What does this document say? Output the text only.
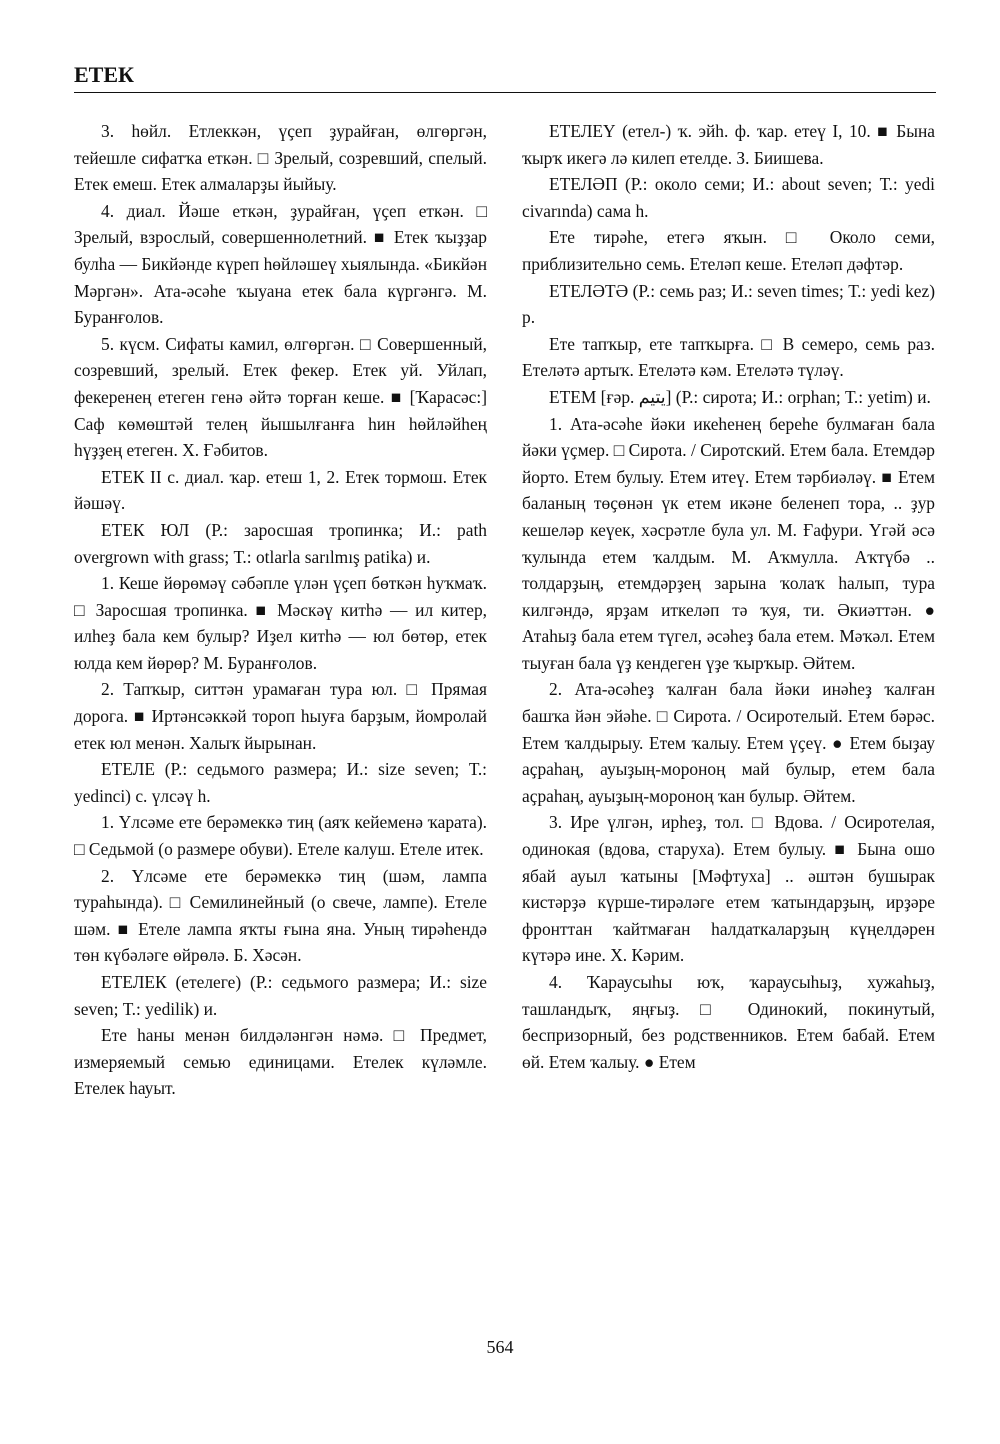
ЕТЕК

3. һөйл. Етлеккән, үҫеп ҙурайған, өлгөргән, тейешле сифатҡа еткән. □ Зрелый, созревший, спелый. Етек емеш. Етек алмаларҙы йыйыу.

4. диал. Йәше еткән, ҙурайған, үҫеп еткән. □ Зрелый, взрослый, совершеннолетний. ■ Етек ҡыҙҙар булһа — Бикйәнде күреп һөйләшеү хыялында. «Бикйән Мәргән». Ата-әсәһе ҡыуана етек бала күргәнгә. М. Буранғолов.

5. күсм. Сифаты камил, өлгөргән. □ Совершенный, созревший, зрелый. Етек фекер. Етек уй. Уйлап, фекеренең етеген генә әйтә торған кеше. ■ [Ҡарасәс:] Саф көмөштәй телең йышылғанға һин һөйләйһең һүҙҙең етеген. Х. Ғәбитов.

ЕТЕК II с. диал. ҡар. етеш 1, 2. Етек тормош. Етек йәшәү.

ЕТЕК ЮЛ (Р.: заросшая тропинка; И.: path overgrown with grass; Т.: otlarla sarılmış patika) и.

1. Кеше йөрөмәү сәбәпле үлән үҫеп бөткән һуҡмаҡ. □ Заросшая тропинка. ■ Мәскәү китһә — ил китер, илһеҙ бала кем булыр? Иҙел китһә — юл бөтөр, етек юлда кем йөрөр? М. Буранғолов.

2. Тапҡыр, ситтән урамаған тура юл. □ Прямая дорога. ■ Иртәнсәккәй тороп һыуға барҙым, йомролай етек юл менән. Халыҡ йырынан.

ЕТЕЛЕ (Р.: седьмого размера; И.: size seven; Т.: yedinci) с. үлсәү һ.

1. Үлсәме ете берәмеккә тиң (аяҡ кейеменә ҡарата). □ Седьмой (о размере обуви). Етеле калуш. Етеле итек.

2. Үлсәме ете берәмеккә тиң (шәм, лампа тураһында). □ Семилинейный (о свече, лампе). Етеле шәм. ■ Етеле лампа яҡты ғына яна. Уның тирәһендә төн күбәләге өйрөлә. Б. Хәсән.

ЕТЕЛЕК (етелеге) (Р.: седьмого размера; И.: size seven; Т.: yedilik) и.

Ете һаны менән билдәләнгән нәмә. □ Предмет, измеряемый семью единицами. Етелек күләмле. Етелек һауыт.

ЕТЕЛЕҮ (етел-) ҡ. эйһ. ф. ҡар. етеү I, 10. ■ Бына ҡырҡ икегә лә килеп етелде. З. Биишева.

ЕТЕЛӘП (Р.: около семи; И.: about seven; Т.: yedi civarında) сама һ.

Ете тирәһе, етегә яҡын. □ Около семи, приблизительно семь. Етеләп кеше. Етеләп дәфтәр.

ЕТЕЛӘТӘ (Р.: семь раз; И.: seven times; Т.: yedi kez) р.

Ете тапҡыр, ете тапҡырға. □ В семеро, семь раз. Етеләтә артыҡ. Етеләтә кәм. Етеләтә түләү.

ЕТЕМ [ғәр. يتيم] (Р.: сирота; И.: orphan; Т.: yetim) и.

1. Ата-әсәһе йәки икеһенең береһе булмаған бала йәки үҫмер. □ Сирота. / Сиротский. Етем бала. Етемдәр йорто. Етем булыу. Етем итеү. Етем тәрбиәләү. ■ Етем баланың төҫөнән үк етем икәне беленеп тора, .. ҙур кешеләр кеүек, хәсрәтле була ул. М. Ғафури. Үгәй әсә ҡулында етем ҡалдым. М. Аҡмулла. Аҡтүбә .. толдарҙың, етемдәрҙең зарына ҡолаҡ һалып, тура килгәндә, ярҙам иткеләп тә ҡуя, ти. Әкиәттән. ● Атаһыҙ бала етем түгел, әсәһеҙ бала етем. Мәҡәл. Етем тыуған бала үҙ кендеген үҙе ҡырҡыр. Әйтем.

2. Ата-әсәһеҙ ҡалған бала йәки инәһеҙ ҡалған башҡа йән эйәһе. □ Сирота. / Осиротелый. Етем бәрәс. Етем ҡалдырыу. Етем ҡалыу. Етем үҫеү. ● Етем быҙау аҫраһаң, ауыҙың-мороноң май булыр, етем бала аҫраһаң, ауыҙың-мороноң ҡан булыр. Әйтем.

3. Ире үлгән, ирһеҙ, тол. □ Вдова. / Осиротелая, одинокая (вдова, старуха). Етем булыу. ■ Бына ошо ябай ауыл ҡатыны [Мәфтуха] .. әштән бушырак кистәрҙә күрше-тирәләге етем ҡатындарҙың, ирҙәре фронттан ҡайтмаған һалдаткаларҙың күңелдәрен күтәрә ине. Х. Кәрим.

4. Ҡараусыһы юҡ, ҡараусыһыҙ, хужаһыҙ, ташландыҡ, яңғыҙ. □ Одинокий, покинутый, беспризорный, без родственников. Етем бабай. Етем өй. Етем ҡалыу. ● Етем

564
